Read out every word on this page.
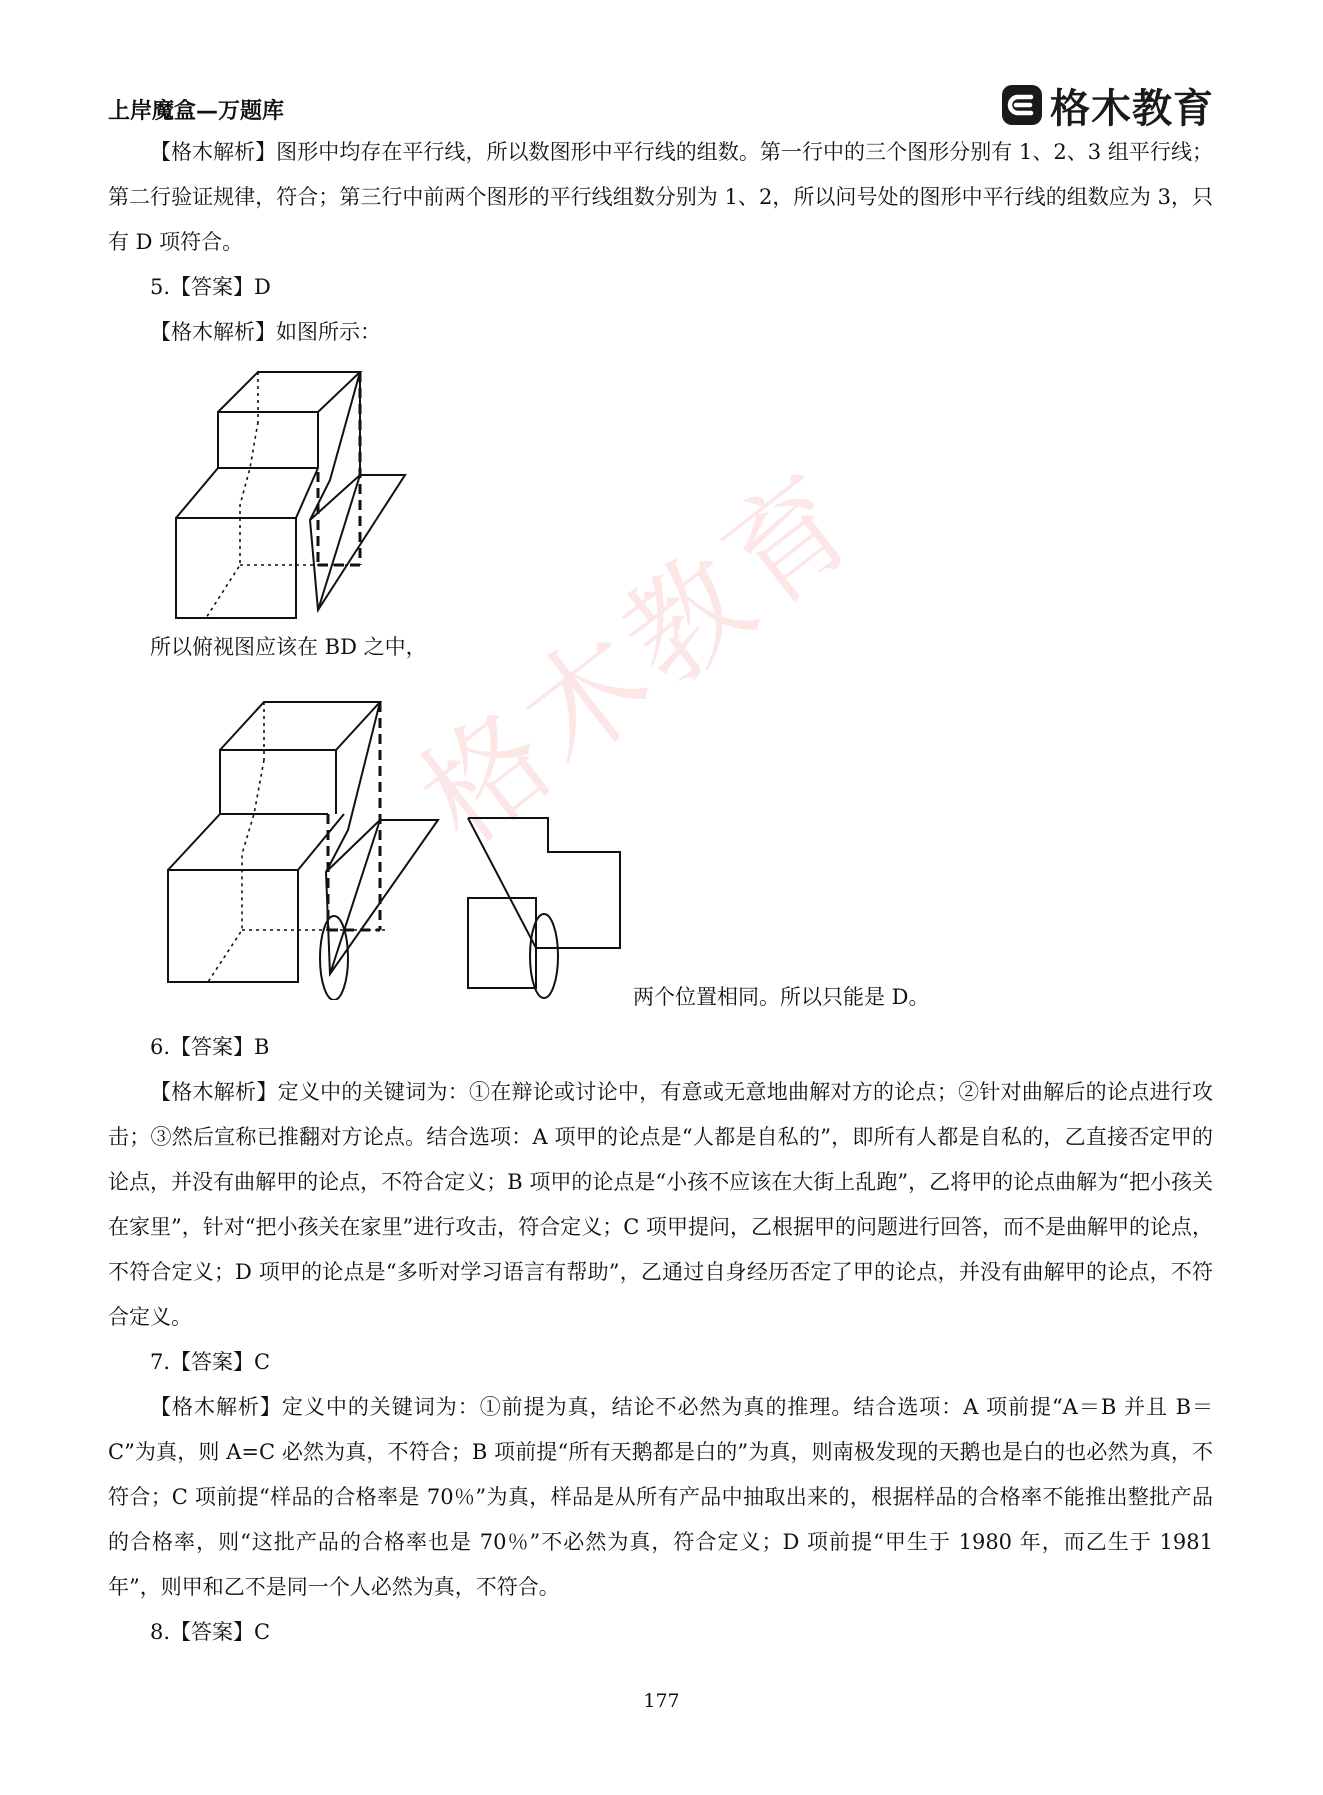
上岸魔盒—万题库	格木教育
格木教育

【格木解析】图形中均存在平行线，所以数图形中平行线的组数。第一行中的三个图形分别有 1、2、3 组平行线；第二行验证规律，符合；第三行中前两个图形的平行线组数分别为 1、2，所以问号处的图形中平行线的组数应为 3，只有 D 项符合。

5.【答案】D

【格木解析】如图所示：

所以俯视图应该在 BD 之中，

两个位置相同。所以只能是 D。

6.【答案】B

【格木解析】定义中的关键词为：①在辩论或讨论中，有意或无意地曲解对方的论点；②针对曲解后的论点进行攻击；③然后宣称已推翻对方论点。结合选项：A 项甲的论点是“人都是自私的”，即所有人都是自私的，乙直接否定甲的论点，并没有曲解甲的论点，不符合定义；B 项甲的论点是“小孩不应该在大街上乱跑”，乙将甲的论点曲解为“把小孩关在家里”，针对“把小孩关在家里”进行攻击，符合定义；C 项甲提问，乙根据甲的问题进行回答，而不是曲解甲的论点，不符合定义；D 项甲的论点是“多听对学习语言有帮助”，乙通过自身经历否定了甲的论点，并没有曲解甲的论点，不符合定义。

7.【答案】C

【格木解析】定义中的关键词为：①前提为真，结论不必然为真的推理。结合选项：A 项前提“A＝B 并且 B＝C”为真，则 A=C 必然为真，不符合；B 项前提“所有天鹅都是白的”为真，则南极发现的天鹅也是白的也必然为真，不符合；C 项前提“样品的合格率是 70％”为真，样品是从所有产品中抽取出来的，根据样品的合格率不能推出整批产品的合格率，则“这批产品的合格率也是 70％”不必然为真，符合定义；D 项前提“甲生于 1980 年，而乙生于 1981 年”，则甲和乙不是同一个人必然为真，不符合。

8.【答案】C

177
